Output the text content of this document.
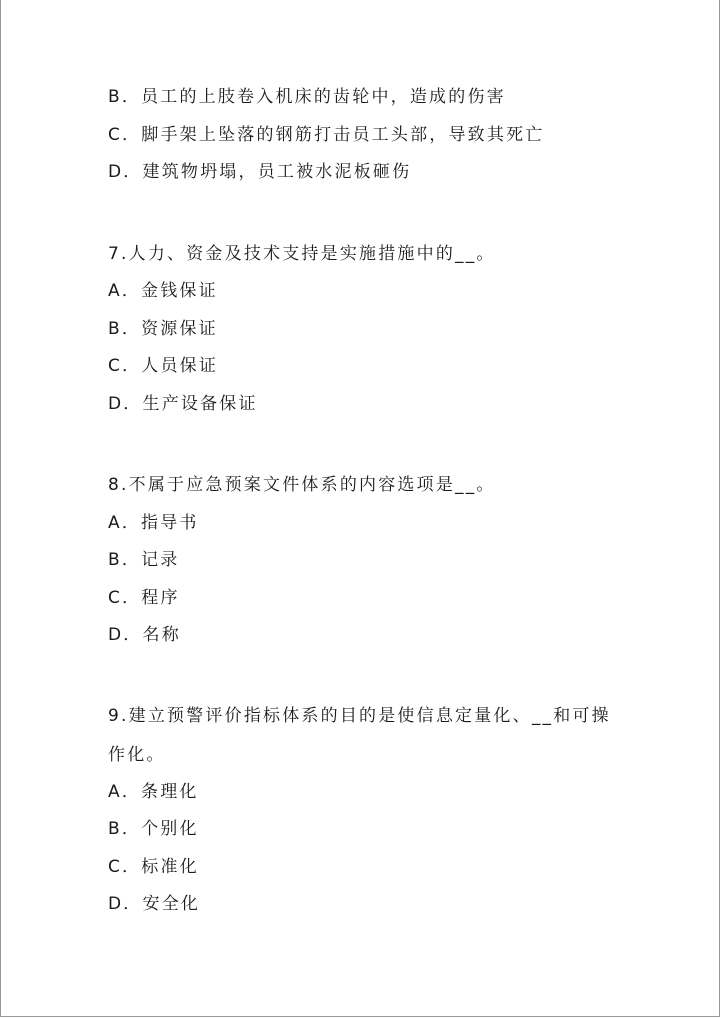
B．员工的上肢卷入机床的齿轮中，造成的伤害
C．脚手架上坠落的钢筋打击员工头部，导致其死亡
D．建筑物坍塌，员工被水泥板砸伤
7.人力、资金及技术支持是实施措施中的__。
A．金钱保证
B．资源保证
C．人员保证
D．生产设备保证
8.不属于应急预案文件体系的内容选项是__。
A．指导书
B．记录
C．程序
D．名称
9.建立预警评价指标体系的目的是使信息定量化、__和可操作化。
A．条理化
B．个别化
C．标准化
D．安全化
